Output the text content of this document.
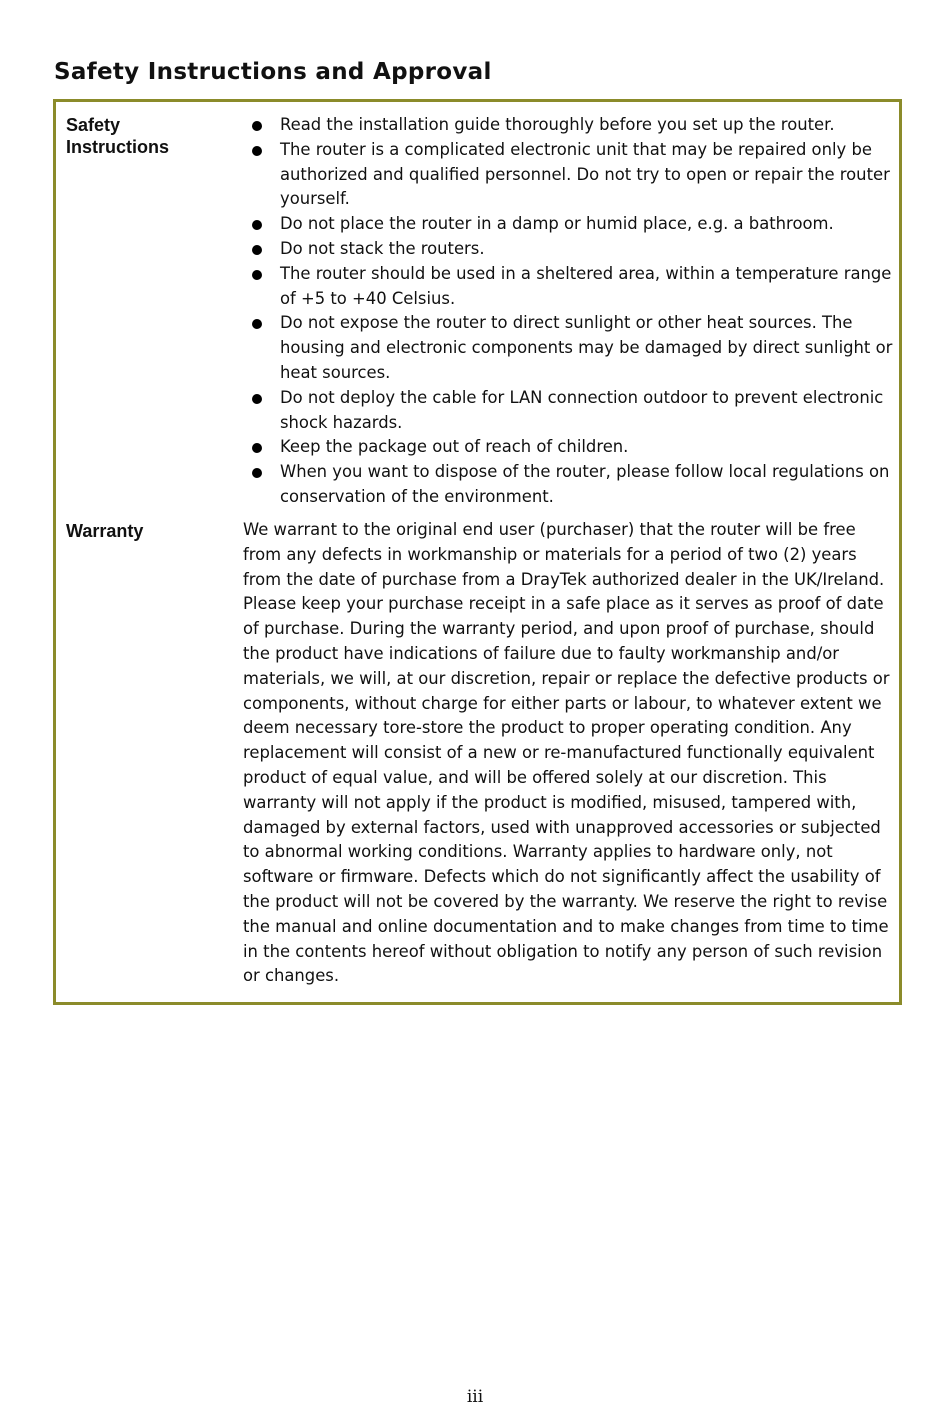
Safety Instructions and Approval
Safety Instructions
Read the installation guide thoroughly before you set up the router.
The router is a complicated electronic unit that may be repaired only be authorized and qualified personnel. Do not try to open or repair the router yourself.
Do not place the router in a damp or humid place, e.g. a bathroom.
Do not stack the routers.
The router should be used in a sheltered area, within a temperature range of +5 to +40 Celsius.
Do not expose the router to direct sunlight or other heat sources. The housing and electronic components may be damaged by direct sunlight or heat sources.
Do not deploy the cable for LAN connection outdoor to prevent electronic shock hazards.
Keep the package out of reach of children.
When you want to dispose of the router, please follow local regulations on conservation of the environment.
Warranty	We warrant to the original end user (purchaser) that the router will be free from any defects in workmanship or materials for a period of two (2) years from the date of purchase from a DrayTek authorized dealer in the UK/Ireland. Please keep your purchase receipt in a safe place as it serves as proof of date of purchase. During the warranty period, and upon proof of purchase, should the product have indications of failure due to faulty workmanship and/or materials, we will, at our discretion, repair or replace the defective products or components, without charge for either parts or labour, to whatever extent we deem necessary tore-store the product to proper operating condition. Any replacement will consist of a new or re-manufactured functionally equivalent product of equal value, and will be offered solely at our discretion. This warranty will not apply if the product is modified, misused, tampered with, damaged by external factors, used with unapproved accessories or subjected to abnormal working conditions. Warranty applies to hardware only, not software or firmware. Defects which do not significantly affect the usability of the product will not be covered by the warranty. We reserve the right to revise the manual and online documentation and to make changes from time to time in the contents hereof without obligation to notify any person of such revision or changes.

iii
